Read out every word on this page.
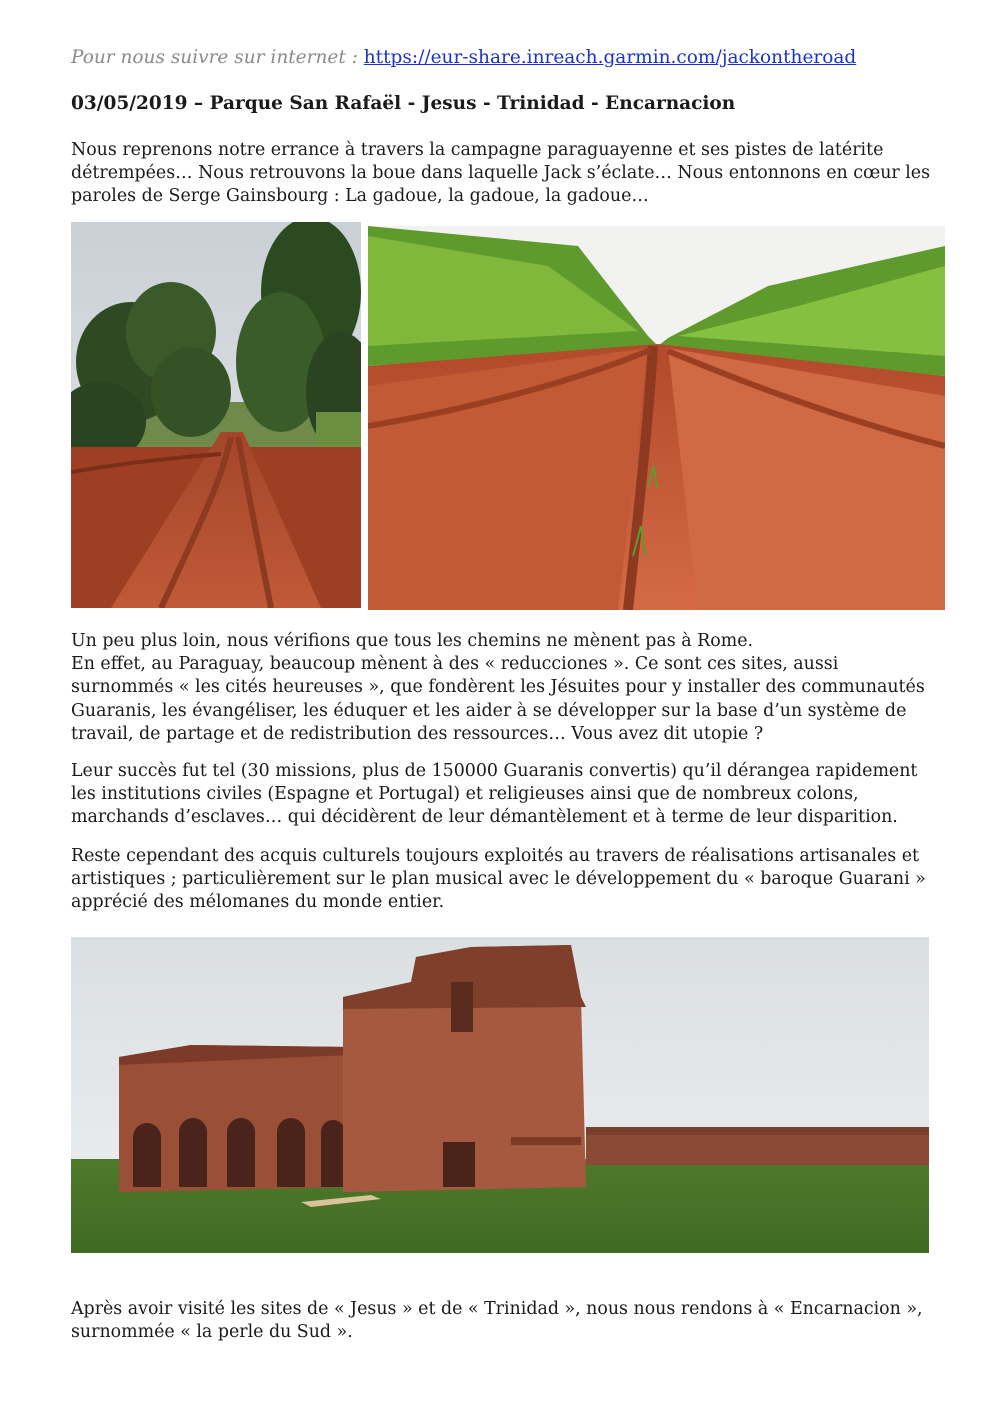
Pour nous suivre sur internet : https://eur-share.inreach.garmin.com/jackontheroad
03/05/2019 – Parque San Rafaël - Jesus - Trinidad - Encarnacion

Nous reprenons notre errance à travers la campagne paraguayenne et ses pistes de latérite détrempées… Nous retrouvons la boue dans laquelle Jack s’éclate… Nous entonnons en cœur les paroles de Serge Gainsbourg : La gadoue, la gadoue, la gadoue…

Un peu plus loin, nous vérifions que tous les chemins ne mènent pas à Rome.
En effet, au Paraguay, beaucoup mènent à des « reducciones ». Ce sont ces sites, aussi surnommés « les cités heureuses », que fondèrent les Jésuites pour y installer des communautés Guaranis, les évangéliser, les éduquer et les aider à se développer sur la base d’un système de travail, de partage et de redistribution des ressources… Vous avez dit utopie ?

Leur succès fut tel (30 missions, plus de 150000 Guaranis convertis) qu’il dérangea rapidement les institutions civiles (Espagne et Portugal) et religieuses ainsi que de nombreux colons, marchands d’esclaves… qui décidèrent de leur démantèlement et à terme de leur disparition.

Reste cependant des acquis culturels toujours exploités au travers de réalisations artisanales et artistiques ; particulièrement sur le plan musical avec le développement du « baroque Guarani » apprécié des mélomanes du monde entier.

Après avoir visité les sites de « Jesus » et de « Trinidad », nous nous rendons à « Encarnacion », surnommée « la perle du Sud ».
